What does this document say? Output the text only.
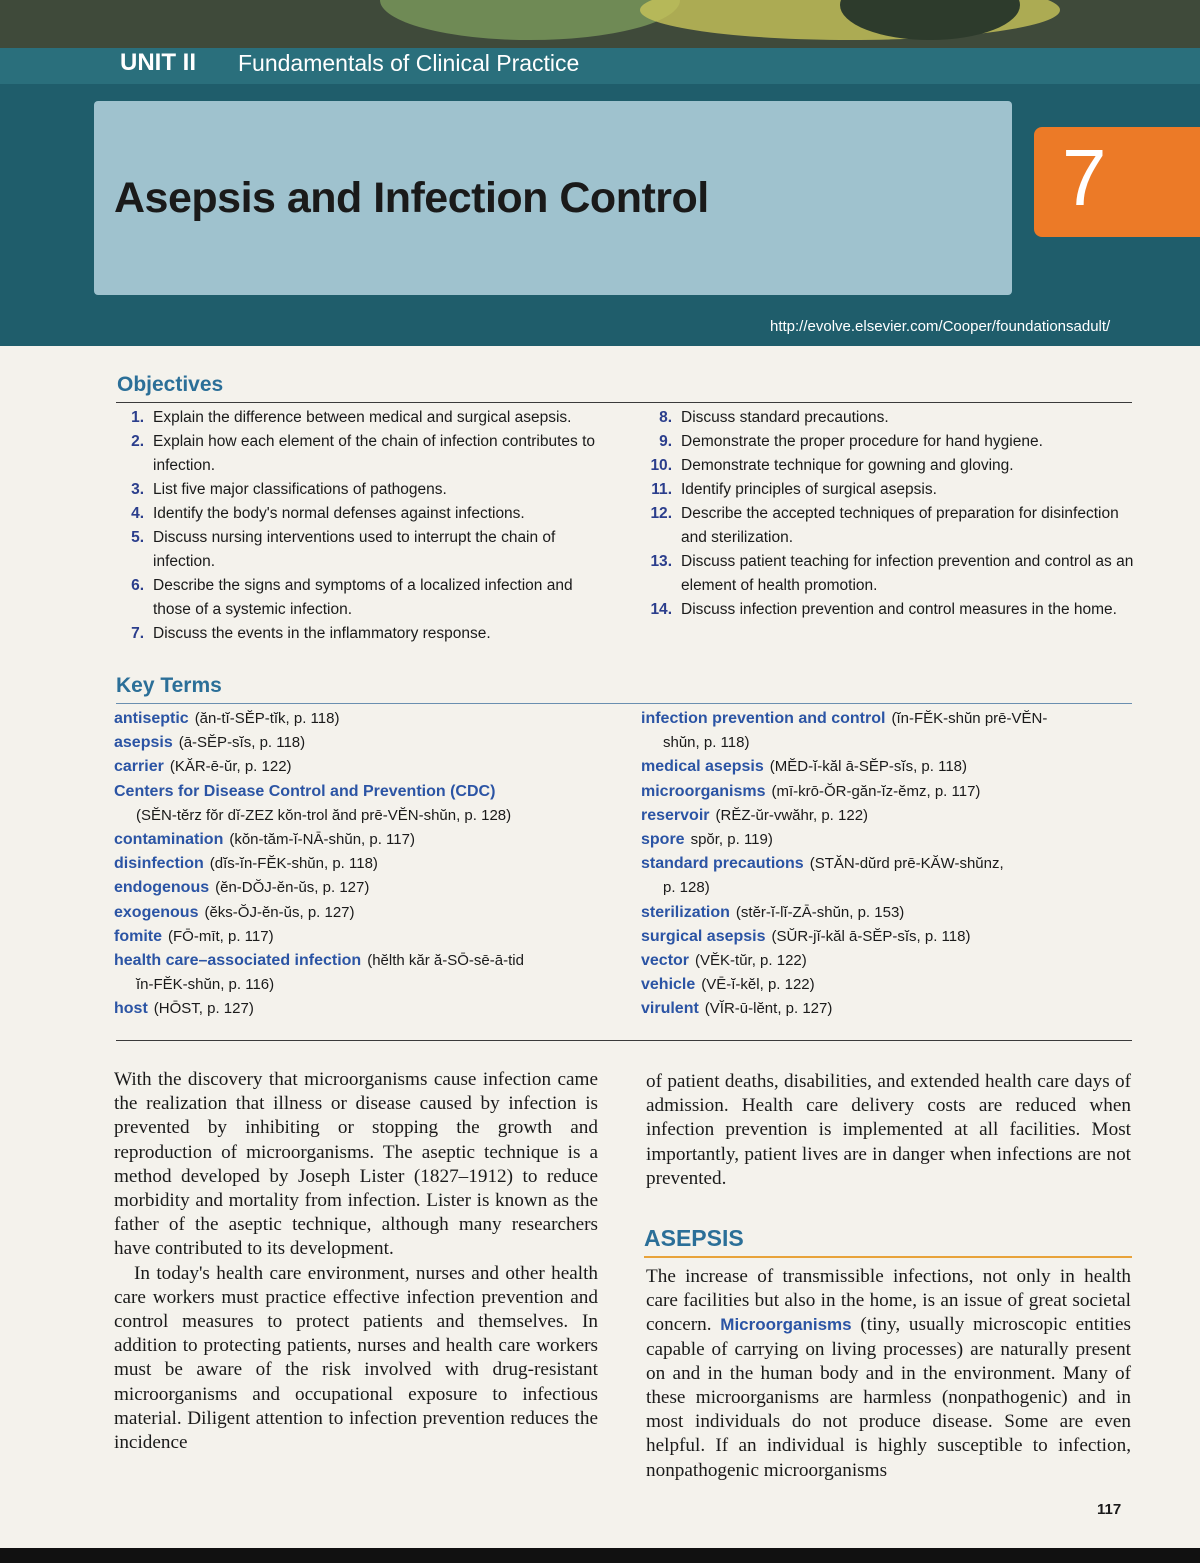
UNIT II Fundamentals of Clinical Practice
Asepsis and Infection Control	7
http://evolve.elsevier.com/Cooper/foundationsadult/
Objectives
1 . Explain the difference between medical and surgical asepsis.
2 . Explain how each element of the chain of infection contributes to infection.
3 . List five major classifications of pathogens.
4 . Identify the body's normal defenses against infections.
5 . Discuss nursing interventions used to interrupt the chain of infection.
6 . Describe the signs and symptoms of a localized infection and those of a systemic infection.
7 . Discuss the events in the inflammatory response.
8 . Discuss standard precautions.
9 . Demonstrate the proper procedure for hand hygiene.
10 . Demonstrate technique for gowning and gloving.
11 . Identify principles of surgical asepsis.
12 . Describe the accepted techniques of preparation for disinfection and sterilization.
13 . Discuss patient teaching for infection prevention and control as an element of health promotion.
14 . Discuss infection prevention and control measures in the home.
Key Terms
antiseptic (ăn-tĭ-SĔP-tĭk, p. 118)
asepsis (ā-SĔP-sĭs, p. 118)
carrier (KĂR-ē-ŭr, p. 122)
Centers for Disease Control and Prevention (CDC)
(SĔN-tĕrz fŏr dĭ-ZEZ kŏn-trol ănd prē-VĔN-shŭn, p. 128)
contamination (kŏn-tăm-ĭ-NĀ-shŭn, p. 117)
disinfection (dĭs-ĭn-FĔK-shŭn, p. 118)
endogenous (ĕn-DŎJ-ĕn-ŭs, p. 127)
exogenous (ĕks-ŎJ-ĕn-ŭs, p. 127)
fomite (FŌ-mīt, p. 117)
health care–associated infection (hĕlth kăr ă-SŌ-sē-ā-tid
ĭn-FĔK-shŭn, p. 116)
host (HŌST, p. 127)
infection prevention and control (ĭn-FĔK-shŭn prē-VĔN-
shŭn, p. 118)
medical asepsis (MĔD-ĭ-kăl ā-SĔP-sĭs, p. 118)
microorganisms (mī-krō-ŎR-găn-ĭz-ĕmz, p. 117)
reservoir (RĔZ-ŭr-vwăhr, p. 122)
spore spŏr, p. 119)
standard precautions (STĂN-dŭrd prē-KĂW-shŭnz,
p. 128)
sterilization (stĕr-ĭ-lĭ-ZĀ-shŭn, p. 153)
surgical asepsis (SŬR-jĭ-kăl ā-SĔP-sĭs, p. 118)
vector (VĔK-tŭr, p. 122)
vehicle (VĒ-ĭ-kĕl, p. 122)
virulent (VĬR-ū-lĕnt, p. 127)

With the discovery that microorganisms cause infection came the realization that illness or disease caused by infection is prevented by inhibiting or stopping the growth and reproduction of microorganisms. The aseptic technique is a method developed by Joseph Lister (1827–1912) to reduce morbidity and mortality from infection. Lister is known as the father of the aseptic technique, although many researchers have contributed to its development.

In today's health care environment, nurses and other health care workers must practice effective infection prevention and control measures to protect patients and themselves. In addition to protecting patients, nurses and health care workers must be aware of the risk involved with drug-resistant microorganisms and occupational exposure to infectious material. Diligent attention to infection prevention reduces the incidence

of patient deaths, disabilities, and extended health care days of admission. Health care delivery costs are reduced when infection prevention is implemented at all facilities. Most importantly, patient lives are in danger when infections are not prevented.

ASEPSIS

The increase of transmissible infections, not only in health care facilities but also in the home, is an issue of great societal concern. Microorganisms (tiny, usually microscopic entities capable of carrying on living processes) are naturally present on and in the human body and in the environment. Many of these microorganisms are harmless (nonpathogenic) and in most individuals do not produce disease. Some are even helpful. If an individual is highly susceptible to infection, nonpathogenic microorganisms

117
